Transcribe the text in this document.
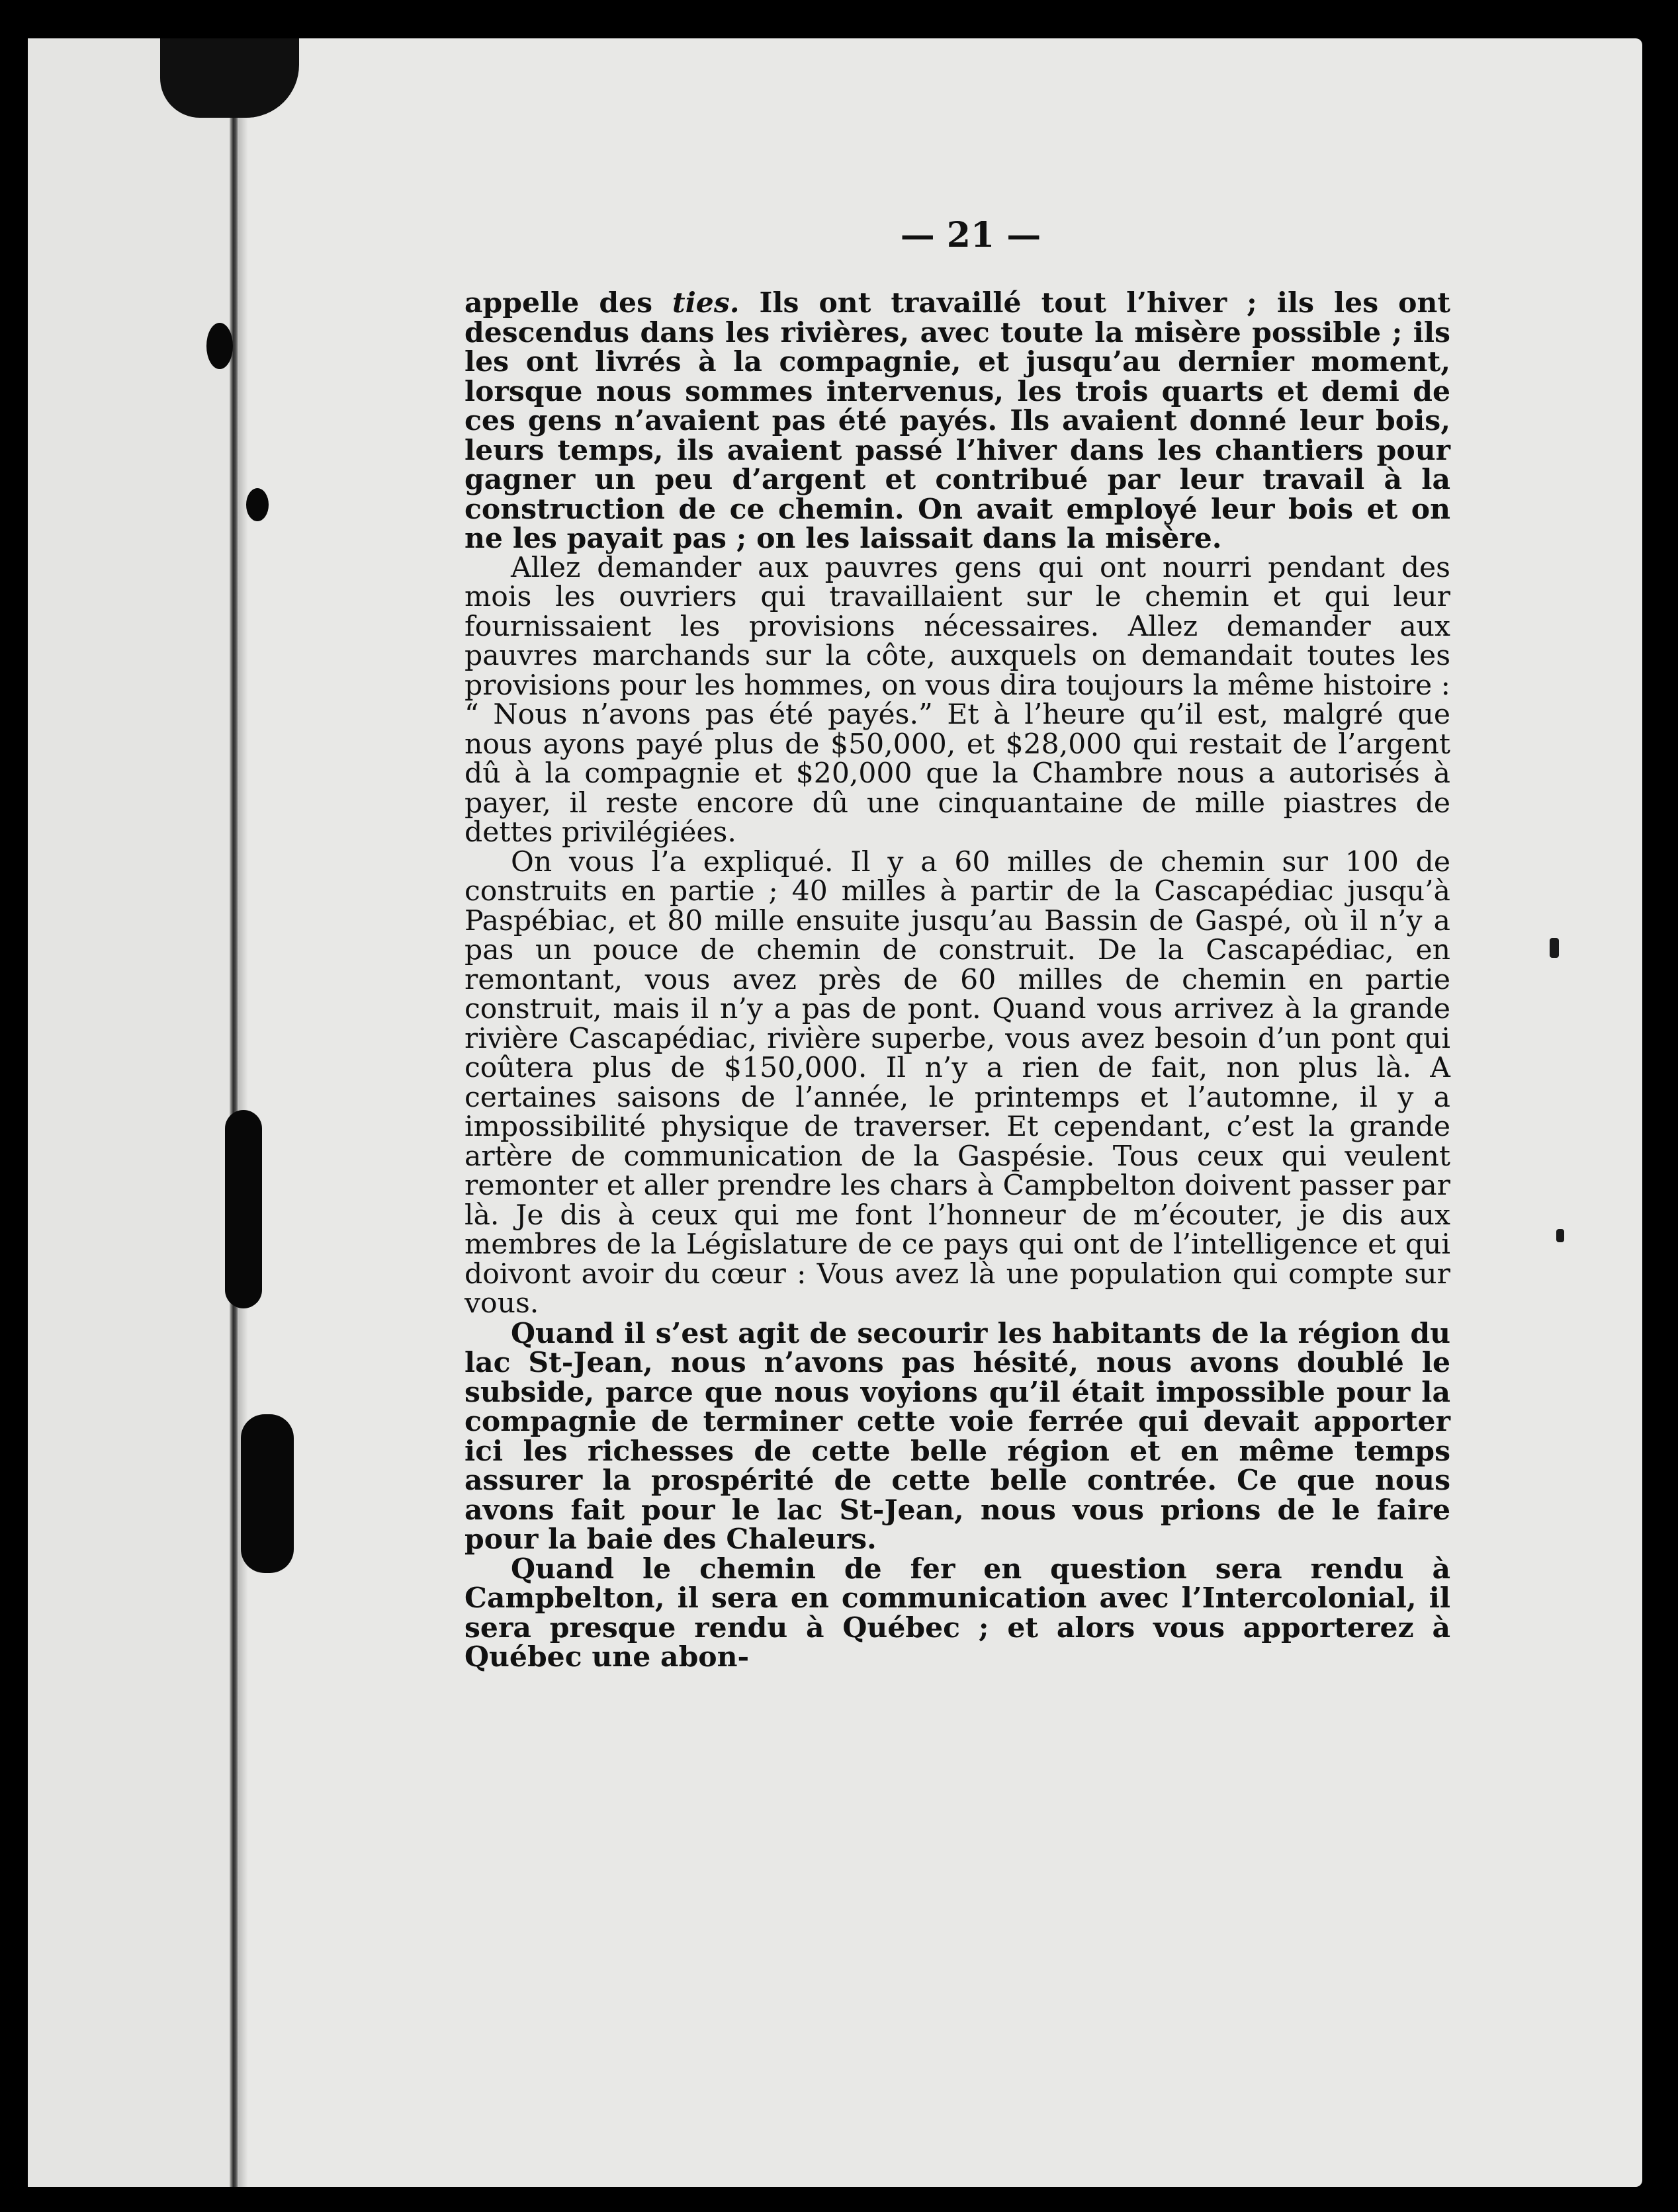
— 21 —

appelle des ties. Ils ont travaillé tout l’hiver ; ils les ont descendus dans les rivières, avec toute la misère possible ; ils les ont livrés à la compagnie, et jusqu’au dernier moment, lorsque nous sommes intervenus, les trois quarts et demi de ces gens n’avaient pas été payés. Ils avaient donné leur bois, leurs temps, ils avaient passé l’hiver dans les chantiers pour gagner un peu d’argent et contribué par leur travail à la construction de ce chemin. On avait employé leur bois et on ne les payait pas ; on les laissait dans la misère.

Allez demander aux pauvres gens qui ont nourri pendant des mois les ouvriers qui travaillaient sur le chemin et qui leur fournissaient les provisions nécessaires. Allez demander aux pauvres marchands sur la côte, auxquels on demandait toutes les provisions pour les hommes, on vous dira toujours la même histoire : “ Nous n’avons pas été payés.” Et à l’heure qu’il est, malgré que nous ayons payé plus de $50,000, et $28,000 qui restait de l’argent dû à la compagnie et $20,000 que la Chambre nous a autorisés à payer, il reste encore dû une cinquantaine de mille piastres de dettes privilégiées.

On vous l’a expliqué. Il y a 60 milles de chemin sur 100 de construits en partie ; 40 milles à partir de la Cascapédiac jusqu’à Paspébiac, et 80 mille ensuite jusqu’au Bassin de Gaspé, où il n’y a pas un pouce de chemin de construit. De la Cascapédiac, en remontant, vous avez près de 60 milles de chemin en partie construit, mais il n’y a pas de pont. Quand vous arrivez à la grande rivière Cascapédiac, rivière superbe, vous avez besoin d’un pont qui coûtera plus de $150,000. Il n’y a rien de fait, non plus là. A certaines saisons de l’année, le printemps et l’automne, il y a impossibilité physique de traverser. Et cependant, c’est la grande artère de communication de la Gaspésie. Tous ceux qui veulent remonter et aller prendre les chars à Campbelton doivent passer par là. Je dis à ceux qui me font l’honneur de m’écouter, je dis aux membres de la Législature de ce pays qui ont de l’intelligence et qui doivont avoir du cœur : Vous avez là une population qui compte sur vous.

Quand il s’est agit de secourir les habitants de la région du lac St-Jean, nous n’avons pas hésité, nous avons doublé le subside, parce que nous voyions qu’il était impossible pour la compagnie de terminer cette voie ferrée qui devait apporter ici les richesses de cette belle région et en même temps assurer la prospérité de cette belle contrée. Ce que nous avons fait pour le lac St-Jean, nous vous prions de le faire pour la baie des Chaleurs.

Quand le chemin de fer en question sera rendu à Campbelton, il sera en communication avec l’Intercolonial, il sera presque rendu à Québec ; et alors vous apporterez à Québec une abon-
